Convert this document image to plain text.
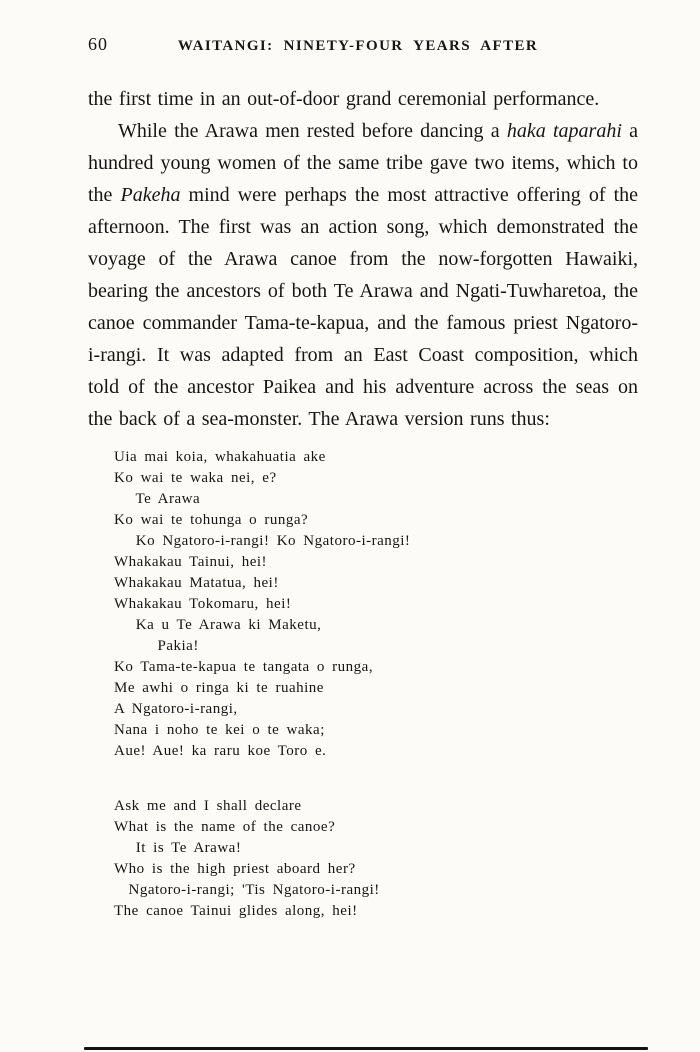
60	WAITANGI: NINETY-FOUR YEARS AFTER

the first time in an out-of-door grand ceremonial performance.

While the Arawa men rested before dancing a haka taparahi a hundred young women of the same tribe gave two items, which to the Pakeha mind were perhaps the most attractive offering of the afternoon. The first was an action song, which demonstrated the voyage of the Arawa canoe from the now-forgotten Hawaiki, bearing the ancestors of both Te Arawa and Ngati-Tuwharetoa, the canoe commander Tama-te-kapua, and the famous priest Ngatoro-i-rangi. It was adapted from an East Coast composition, which told of the ancestor Paikea and his adventure across the seas on the back of a sea-monster. The Arawa version runs thus:

Uia mai koia, whakahuatia ake
Ko wai te waka nei, e?
Te Arawa
Ko wai te tohunga o runga?
Ko Ngatoro-i-rangi! Ko Ngatoro-i-rangi!
Whakakau Tainui, hei!
Whakakau Matatua, hei!
Whakakau Tokomaru, hei!
Ka u Te Arawa ki Maketu,
Pakia!
Ko Tama-te-kapua te tangata o runga,
Me awhi o ringa ki te ruahine
A Ngatoro-i-rangi,
Nana i noho te kei o te waka;
Aue! Aue! ka raru koe Toro e.
Ask me and I shall declare
What is the name of the canoe?
It is Te Arawa!
Who is the high priest aboard her?
Ngatoro-i-rangi; 'Tis Ngatoro-i-rangi!
The canoe Tainui glides along, hei!
